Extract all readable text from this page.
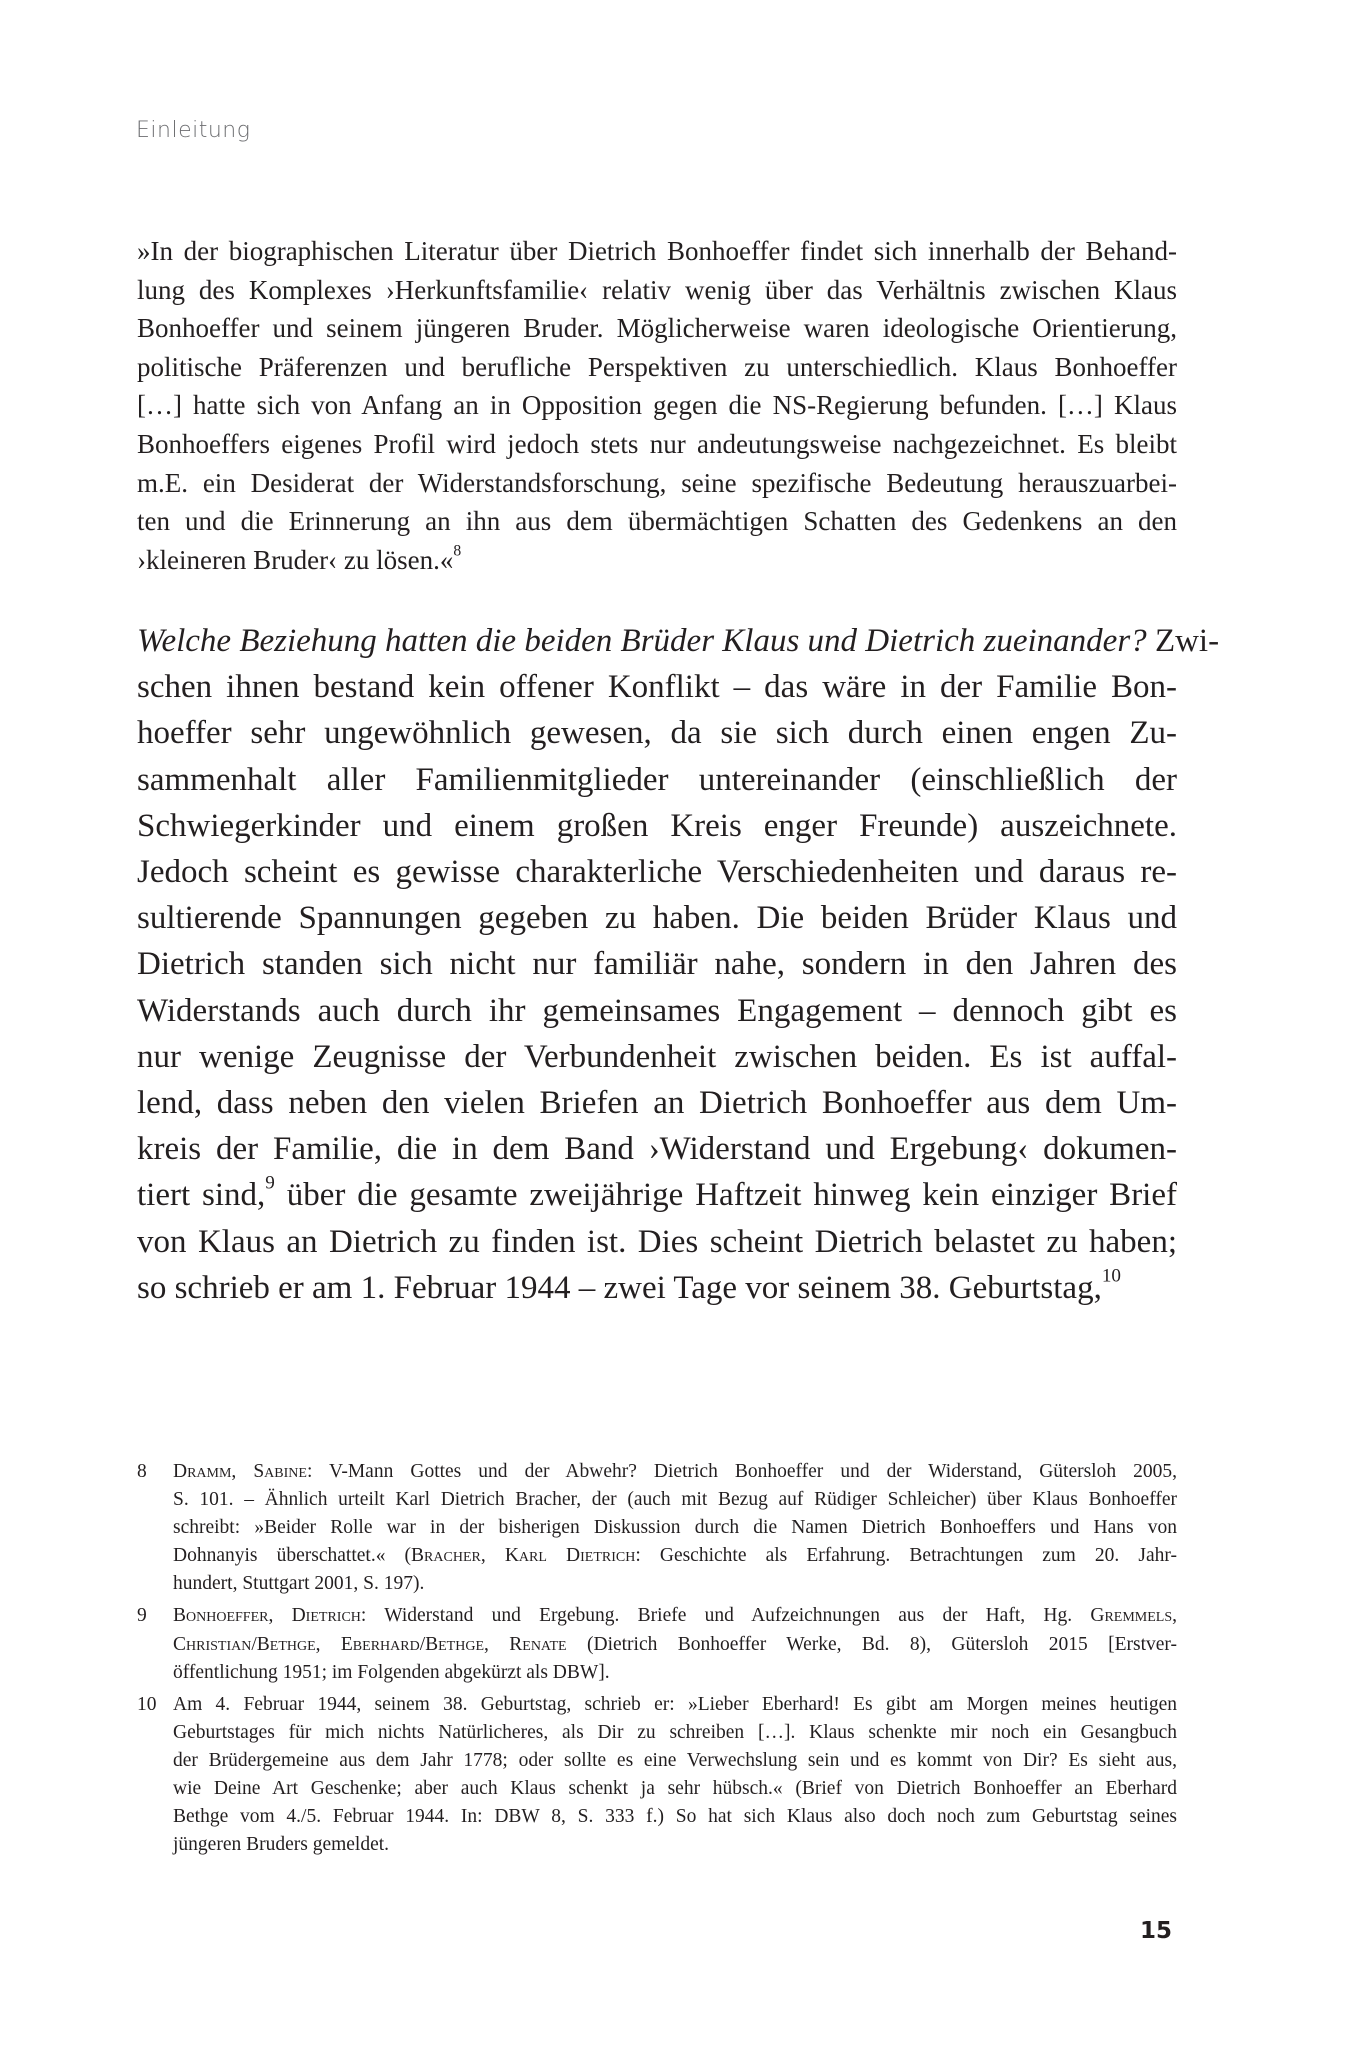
Einleitung
»In der biographischen Literatur über Dietrich Bonhoeffer findet sich innerhalb der Behand-
lung des Komplexes ›Herkunftsfamilie‹ relativ wenig über das Verhältnis zwischen Klaus
Bonhoeffer und seinem jüngeren Bruder. Möglicherweise waren ideologische Orientierung,
politische Präferenzen und berufliche Perspektiven zu unterschiedlich. Klaus Bonhoeffer
[…] hatte sich von Anfang an in Opposition gegen die NS-Regierung befunden. […] Klaus
Bonhoeffers eigenes Profil wird jedoch stets nur andeutungsweise nachgezeichnet. Es bleibt
m.E. ein Desiderat der Widerstandsforschung, seine spezifische Bedeutung herauszuarbei-
ten und die Erinnerung an ihn aus dem übermächtigen Schatten des Gedenkens an den
›kleineren Bruder‹ zu lösen.«$^8$
Welche Beziehung hatten die beiden Brüder Klaus und Dietrich zueinander? Zwi-
schen ihnen bestand kein offener Konflikt – das wäre in der Familie Bon-
hoeffer sehr ungewöhnlich gewesen, da sie sich durch einen engen Zu-
sammenhalt aller Familienmitglieder untereinander (einschließlich der
Schwiegerkinder und einem großen Kreis enger Freunde) auszeichnete.
Jedoch scheint es gewisse charakterliche Verschiedenheiten und daraus re-
sultierende Spannungen gegeben zu haben. Die beiden Brüder Klaus und
Dietrich standen sich nicht nur familiär nahe, sondern in den Jahren des
Widerstands auch durch ihr gemeinsames Engagement – dennoch gibt es
nur wenige Zeugnisse der Verbundenheit zwischen beiden. Es ist auffal-
lend, dass neben den vielen Briefen an Dietrich Bonhoeffer aus dem Um-
kreis der Familie, die in dem Band ›Widerstand und Ergebung‹ dokumen-
tiert sind,$^9$ über die gesamte zweijährige Haftzeit hinweg kein einziger Brief
von Klaus an Dietrich zu finden ist. Dies scheint Dietrich belastet zu haben;
so schrieb er am 1. Februar 1944 – zwei Tage vor seinem 38. Geburtstag,$^{10}$
8 Dramm, Sabine: V-Mann Gottes und der Abwehr? Dietrich Bonhoeffer und der Widerstand, Gütersloh 2005,
S. 101. – Ähnlich urteilt Karl Dietrich Bracher, der (auch mit Bezug auf Rüdiger Schleicher) über Klaus Bonhoeffer
schreibt: »Beider Rolle war in der bisherigen Diskussion durch die Namen Dietrich Bonhoeffers und Hans von
Dohnanyis überschattet.« (Bracher, Karl Dietrich: Geschichte als Erfahrung. Betrachtungen zum 20. Jahr-
hundert, Stuttgart 2001, S. 197).
9 Bonhoeffer, Dietrich: Widerstand und Ergebung. Briefe und Aufzeichnungen aus der Haft, Hg. Gremmels,
Christian/Bethge, Eberhard/Bethge, Renate (Dietrich Bonhoeffer Werke, Bd. 8), Gütersloh 2015 [Erstver-
öffentlichung 1951; im Folgenden abgekürzt als DBW].
10 Am 4. Februar 1944, seinem 38. Geburtstag, schrieb er: »Lieber Eberhard! Es gibt am Morgen meines heutigen
Geburtstages für mich nichts Natürlicheres, als Dir zu schreiben […]. Klaus schenkte mir noch ein Gesangbuch
der Brüdergemeine aus dem Jahr 1778; oder sollte es eine Verwechslung sein und es kommt von Dir? Es sieht aus,
wie Deine Art Geschenke; aber auch Klaus schenkt ja sehr hübsch.« (Brief von Dietrich Bonhoeffer an Eberhard
Bethge vom 4./5. Februar 1944. In: DBW 8, S. 333 f.) So hat sich Klaus also doch noch zum Geburtstag seines
jüngeren Bruders gemeldet.
15
